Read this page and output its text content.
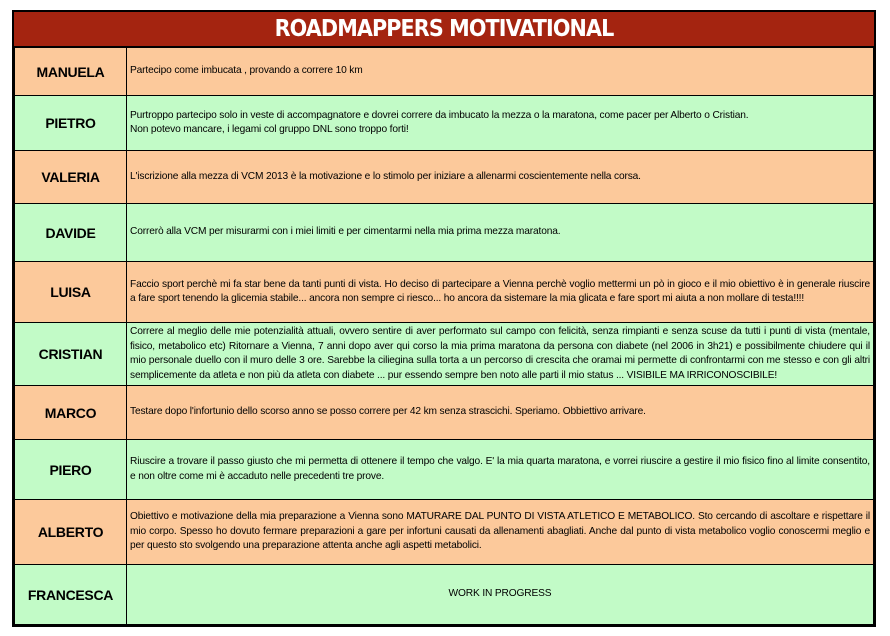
ROADMAPPERS MOTIVATIONAL
MANUELA	Partecipo come imbucata , provando a correre 10 km

PIETRO	Purtroppo partecipo solo in veste di accompagnatore e dovrei correre da imbucato la mezza o la maratona, come pacer per Alberto o Cristian.
Non potevo mancare, i legami col gruppo DNL sono troppo forti!

VALERIA	L'iscrizione alla mezza di VCM 2013 è la motivazione e lo stimolo per iniziare a allenarmi coscientemente nella corsa.

DAVIDE	Correrò alla VCM per misurarmi con i miei limiti e per cimentarmi nella mia prima mezza maratona.

LUISA	Faccio sport perchè mi fa star bene da tanti punti di vista. Ho deciso di partecipare a Vienna perchè voglio mettermi un pò in gioco e il mio obiettivo è in generale riuscire a fare sport tenendo la glicemia stabile... ancora non sempre ci riesco... ho ancora da sistemare la mia glicata e fare sport mi aiuta a non mollare di testa!!!!

CRISTIAN	Correre al meglio delle mie potenzialità attuali, ovvero sentire di aver performato sul campo con felicità, senza rimpianti e senza scuse da tutti i punti di vista (mentale, fisico, metabolico etc) Ritornare a Vienna, 7 anni dopo aver qui corso la mia prima maratona da persona con diabete (nel 2006 in 3h21) e possibilmente chiudere qui il mio personale duello con il muro delle 3 ore. Sarebbe la ciliegina sulla torta a un percorso di crescita che oramai mi permette di confrontarmi con me stesso e con gli altri semplicemente da atleta e non più da atleta con diabete ... pur essendo sempre ben noto alle parti il mio status ... VISIBILE MA IRRICONOSCIBILE!

MARCO	Testare dopo l'infortunio dello scorso anno se posso correre per 42 km senza strascichi. Speriamo. Obbiettivo arrivare.

PIERO	Riuscire a trovare il passo giusto che mi permetta di ottenere il tempo che valgo. E' la mia quarta maratona, e vorrei riuscire a gestire il mio fisico fino al limite consentito, e non oltre come mi è accaduto nelle precedenti tre prove.

ALBERTO	Obiettivo e motivazione della mia preparazione a Vienna sono MATURARE DAL PUNTO DI VISTA ATLETICO E METABOLICO. Sto cercando di ascoltare e rispettare il mio corpo. Spesso ho dovuto fermare preparazioni a gare per infortuni causati da allenamenti abagliati. Anche dal punto di vista metabolico voglio conoscermi meglio e per questo sto svolgendo una preparazione attenta anche agli aspetti metabolici.

FRANCESCA	WORK IN PROGRESS
